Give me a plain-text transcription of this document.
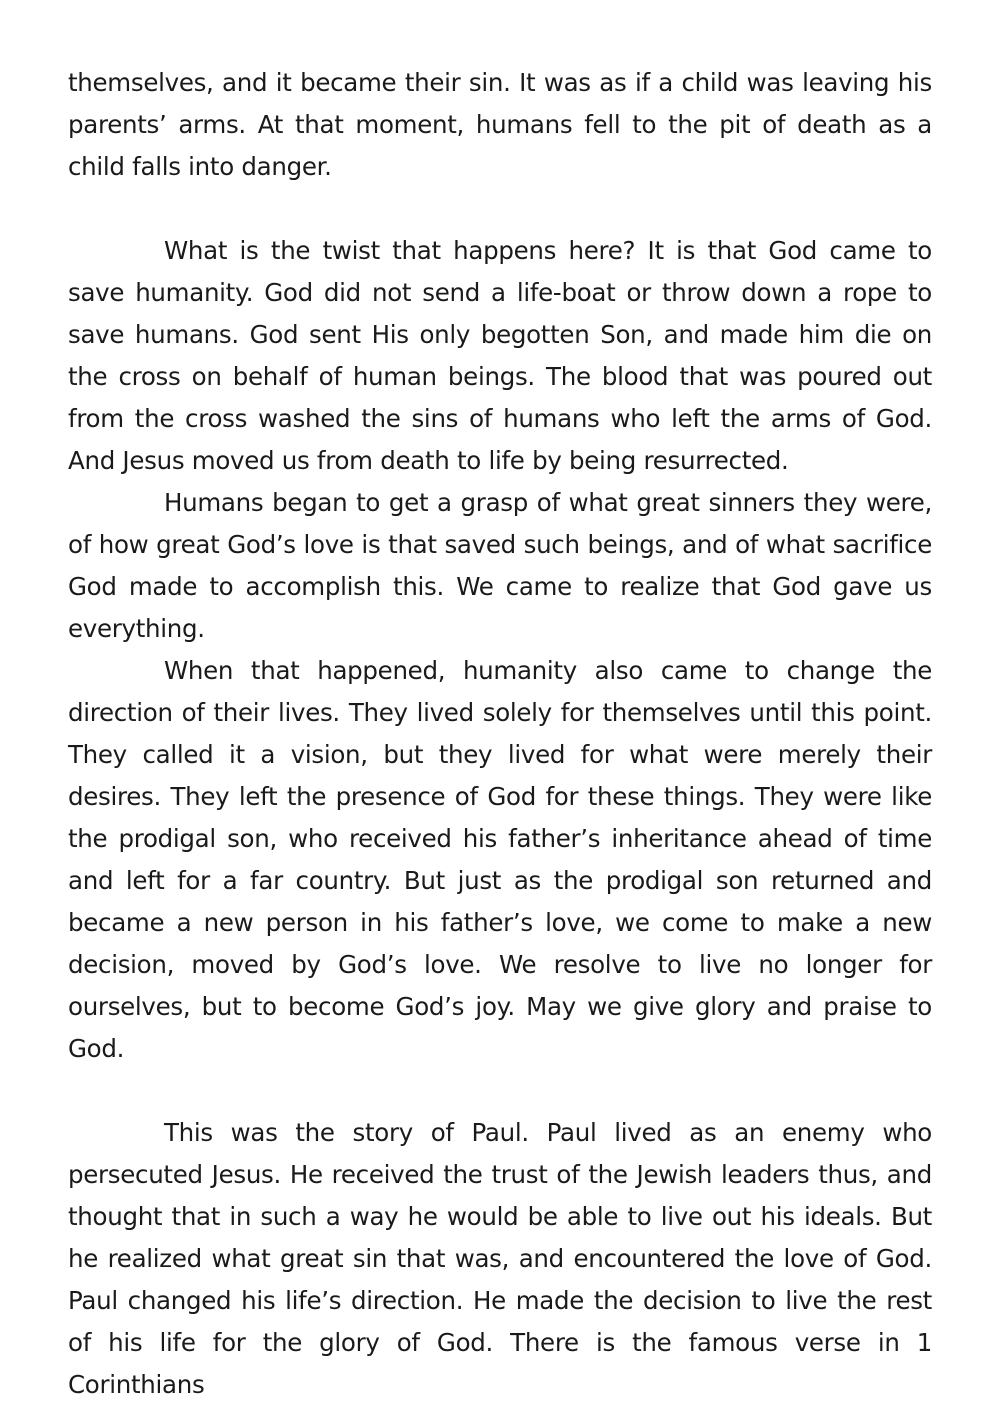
themselves, and it became their sin. It was as if a child was leaving his parents’ arms. At that moment, humans fell to the pit of death as a child falls into danger.

What is the twist that happens here? It is that God came to save humanity. God did not send a life-boat or throw down a rope to save humans. God sent His only begotten Son, and made him die on the cross on behalf of human beings. The blood that was poured out from the cross washed the sins of humans who left the arms of God. And Jesus moved us from death to life by being resurrected.

Humans began to get a grasp of what great sinners they were, of how great God’s love is that saved such beings, and of what sacrifice God made to accomplish this. We came to realize that God gave us everything.

When that happened, humanity also came to change the direction of their lives. They lived solely for themselves until this point. They called it a vision, but they lived for what were merely their desires. They left the presence of God for these things. They were like the prodigal son, who received his father’s inheritance ahead of time and left for a far country. But just as the prodigal son returned and became a new person in his father’s love, we come to make a new decision, moved by God’s love. We resolve to live no longer for ourselves, but to become God’s joy. May we give glory and praise to God.

This was the story of Paul. Paul lived as an enemy who persecuted Jesus. He received the trust of the Jewish leaders thus, and thought that in such a way he would be able to live out his ideals. But he realized what great sin that was, and encountered the love of God. Paul changed his life’s direction. He made the decision to live the rest of his life for the glory of God. There is the famous verse in 1 Corinthians
